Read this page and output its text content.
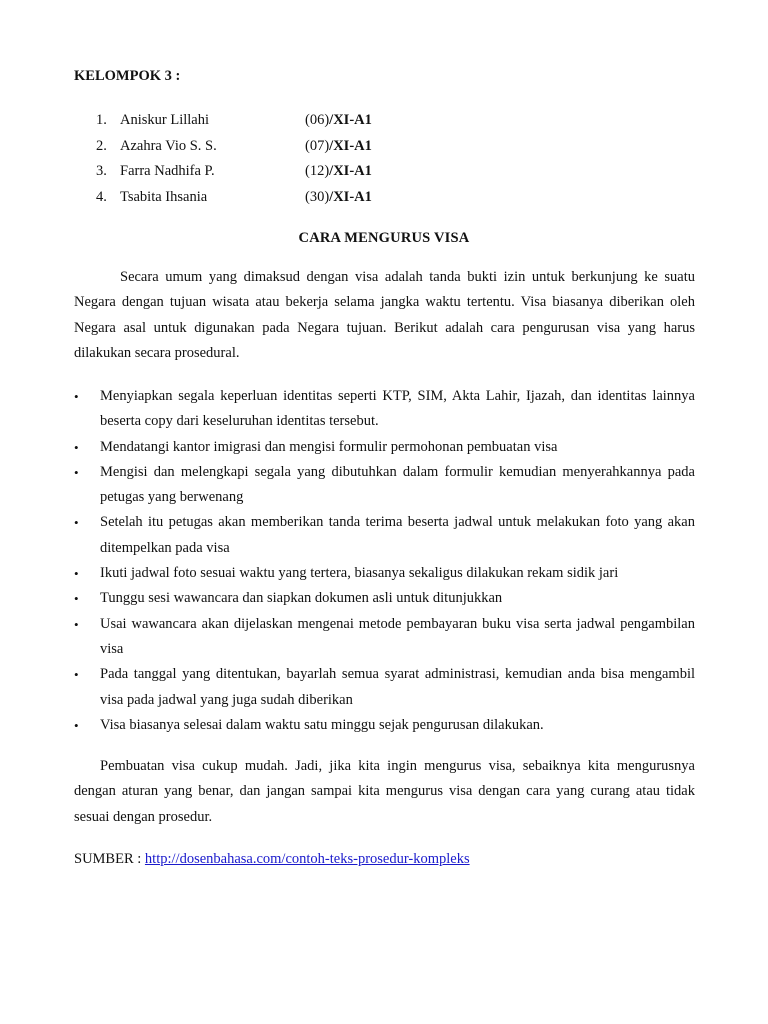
KELOMPOK 3 :

1. Aniskur Lillahi	(06)/XI-A1
2. Azahra Vio S. S.	(07)/XI-A1
3. Farra Nadhifa P.	(12)/XI-A1
4. Tsabita Ihsania	(30)/XI-A1
CARA MENGURUS VISA

Secara umum yang dimaksud dengan visa adalah tanda bukti izin untuk berkunjung ke suatu Negara dengan tujuan wisata atau bekerja selama jangka waktu tertentu. Visa biasanya diberikan oleh Negara asal untuk digunakan pada Negara tujuan. Berikut adalah cara pengurusan visa yang harus dilakukan secara prosedural.

• Menyiapkan segala keperluan identitas seperti KTP, SIM, Akta Lahir, Ijazah, dan identitas lainnya beserta copy dari keseluruhan identitas tersebut.
• Mendatangi kantor imigrasi dan mengisi formulir permohonan pembuatan visa
• Mengisi dan melengkapi segala yang dibutuhkan dalam formulir kemudian menyerahkannya pada petugas yang berwenang
• Setelah itu petugas akan memberikan tanda terima beserta jadwal untuk melakukan foto yang akan ditempelkan pada visa
• Ikuti jadwal foto sesuai waktu yang tertera, biasanya sekaligus dilakukan rekam sidik jari
• Tunggu sesi wawancara dan siapkan dokumen asli untuk ditunjukkan
• Usai wawancara akan dijelaskan mengenai metode pembayaran buku visa serta jadwal pengambilan visa
• Pada tanggal yang ditentukan, bayarlah semua syarat administrasi, kemudian anda bisa mengambil visa pada jadwal yang juga sudah diberikan
• Visa biasanya selesai dalam waktu satu minggu sejak pengurusan dilakukan.

Pembuatan visa cukup mudah. Jadi, jika kita ingin mengurus visa, sebaiknya kita mengurusnya dengan aturan yang benar, dan jangan sampai kita mengurus visa dengan cara yang curang atau tidak sesuai dengan prosedur.

SUMBER : http://dosenbahasa.com/contoh-teks-prosedur-kompleks
